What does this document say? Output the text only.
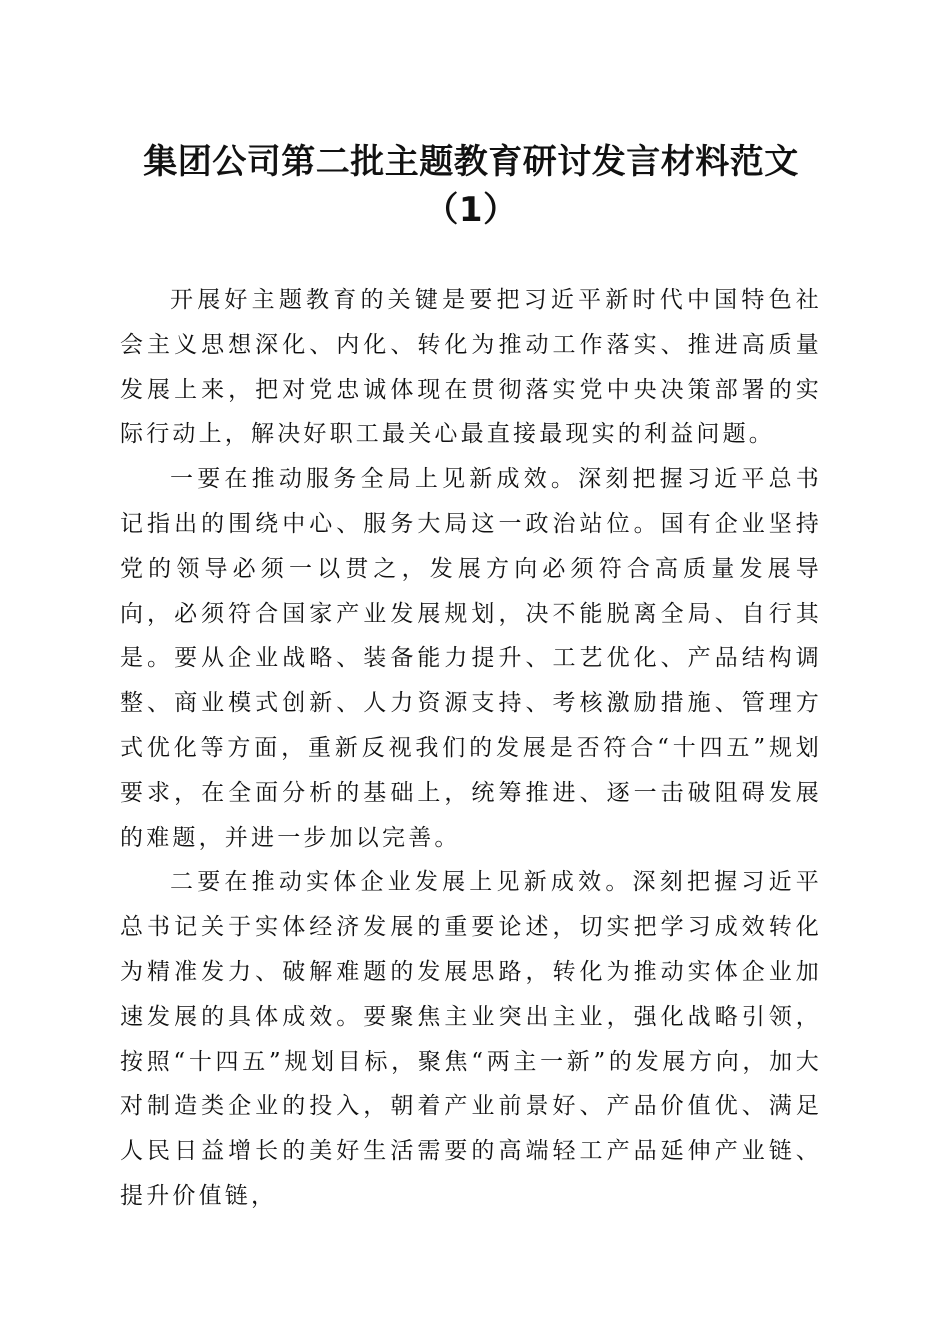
集团公司第二批主题教育研讨发言材料范文
（1）

开展好主题教育的关键是要把习近平新时代中国特色社会主义思想深化、内化、转化为推动工作落实、推进高质量发展上来，把对党忠诚体现在贯彻落实党中央决策部署的实际行动上，解决好职工最关心最直接最现实的利益问题。

一要在推动服务全局上见新成效。深刻把握习近平总书记指出的围绕中心、服务大局这一政治站位。国有企业坚持党的领导必须一以贯之，发展方向必须符合高质量发展导向，必须符合国家产业发展规划，决不能脱离全局、自行其是。要从企业战略、装备能力提升、工艺优化、产品结构调整、商业模式创新、人力资源支持、考核激励措施、管理方式优化等方面，重新反视我们的发展是否符合“十四五”规划要求，在全面分析的基础上，统筹推进、逐一击破阻碍发展的难题，并进一步加以完善。

二要在推动实体企业发展上见新成效。深刻把握习近平总书记关于实体经济发展的重要论述，切实把学习成效转化为精准发力、破解难题的发展思路，转化为推动实体企业加速发展的具体成效。要聚焦主业突出主业，强化战略引领，按照“十四五”规划目标，聚焦“两主一新”的发展方向，加大对制造类企业的投入，朝着产业前景好、产品价值优、满足人民日益增长的美好生活需要的高端轻工产品延伸产业链、提升价值链，
